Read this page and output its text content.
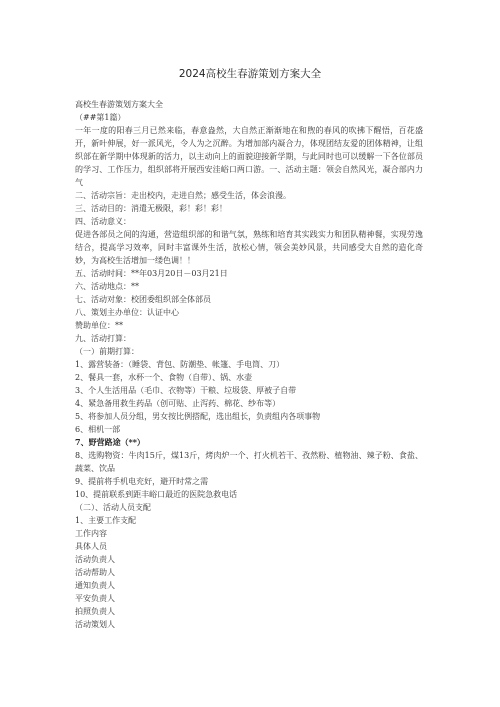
2024高校生春游策划方案大全
高校生春游策划方案大全
（##第1篇）
一年一度的阳春三月已然来临，春意盎然，大自然正渐渐地在和煦的春风的吹拂下醒悟，百花盛开，新叶伸展，好一派风光，令人为之沉醉。为增加部内凝合力，体现团结友爱的团体精神，让组织部在新学期中体现新的活力，以主动向上的面貌迎接新学期，与此同时也可以缓解一下各位部员的学习、工作压力，组织部将开展西安洼峪口两口游。一、活动主题：领会自然风光，凝合部内力气
二、活动宗旨：走出校内，走进自然；感受生活，体会浪漫。
三、活动目的：消遣无极限，彩！彩！彩！
四、活动意义：
促进各部员之间的沟通，营造组织部的和谐气氛，熟练和培育其实践实力和团队精神餐，实现劳逸结合，提高学习效率，同时丰富课外生活，放松心情，领会美妙风景，共同感受大自然的造化奇妙，为高校生活增加一缕色调！！
五、活动时间：**年03月20日－03月21日
六、活动地点：**
七、活动对象：校团委组织部全体部员
八、策划主办单位：认证中心
赞助单位：**
九、活动打算：
（一）前期打算：
1、露营装备：（睡袋、背包、防潮垫、帐篷、手电筒、刀）
2、餐具一套，水杯一个、食物（自带）、锅、水壶
3、个人生活用品（毛巾、衣物等）干粮、垃圾袋、厚被子自带
4、紧急备用救生药品（创可贴、止泻药、棉花、纱布等）
5、将参加人员分组，男女按比例搭配，选出组长，负责组内各项事物
6、相机一部
7、野营路途（**）
8、选购物资：牛肉15斤，煤13斤，烤肉炉一个、打火机若干、孜然粉、植物油、辣子粉、食盐、蔬菜、饮品
9、提前将手机电充好，避开时常之需
10、提前联系到距丰峪口最近的医院急救电话
（二）、活动人员支配
1、主要工作支配
工作内容
具体人员
活动负责人
活动帮助人
通知负责人
平安负责人
拍照负责人
活动策划人
